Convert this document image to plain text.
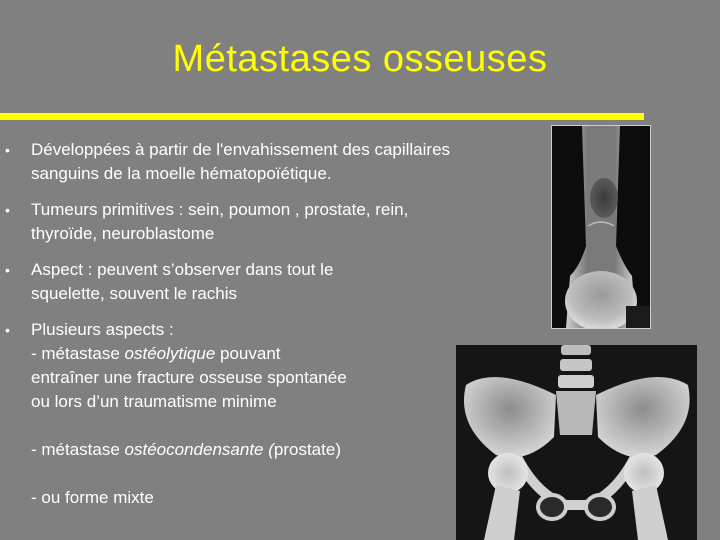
Métastases osseuses
• Développées à partir de l'envahissement des capillaires
sanguins de la moelle hématopoïétique.
• Tumeurs primitives : sein, poumon , prostate, rein,
thyroïde, neuroblastome
• Aspect : peuvent s’observer dans tout le
squelette, souvent le rachis
• Plusieurs aspects :
- métastase ostéolytique pouvant
entraîner une fracture osseuse spontanée
ou lors d’un traumatisme minime
- métastase ostéocondensante (prostate)
- ou forme mixte
